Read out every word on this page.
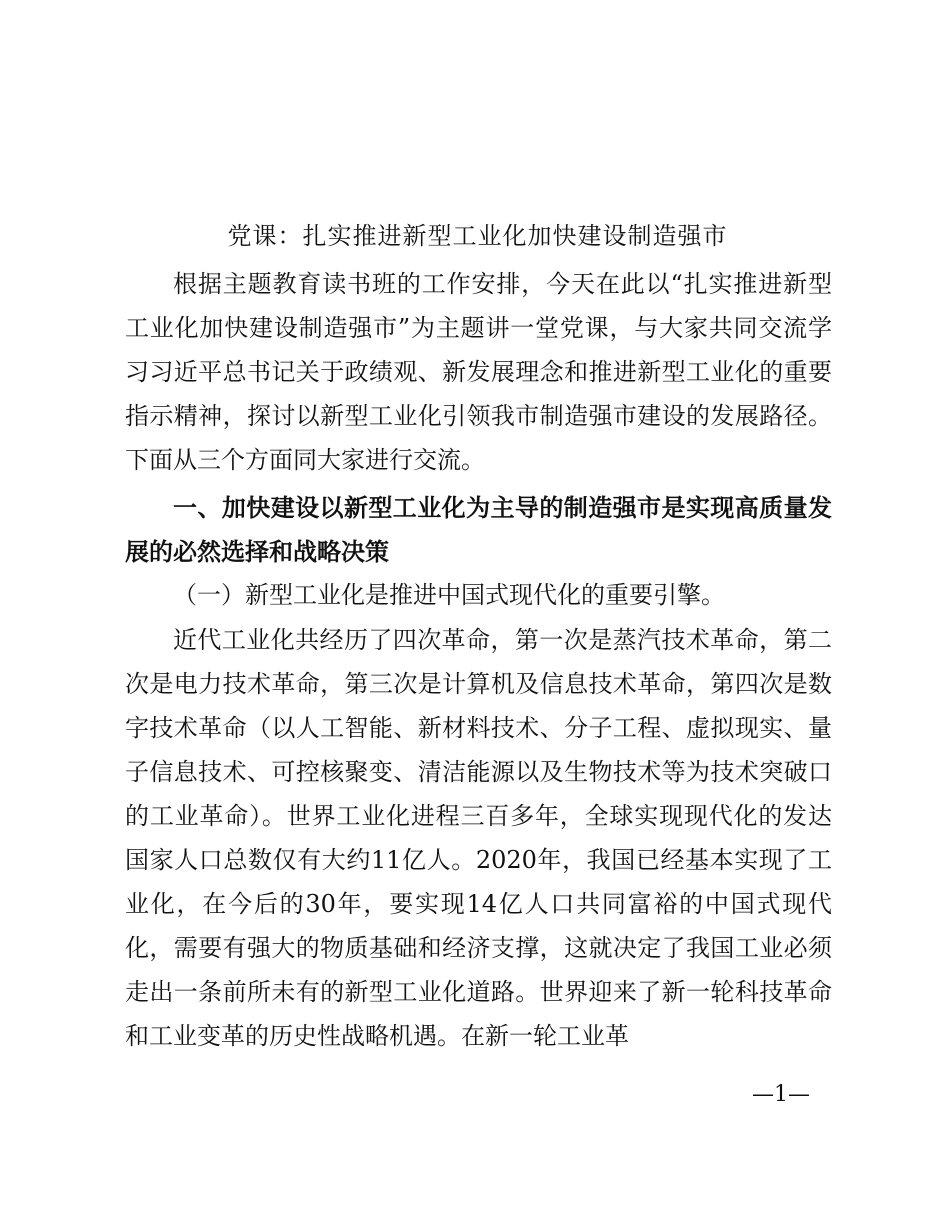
党课：扎实推进新型工业化加快建设制造强市
根据主题教育读书班的工作安排，今天在此以“扎实推进新型工业化加快建设制造强市”为主题讲一堂党课，与大家共同交流学习习近平总书记关于政绩观、新发展理念和推进新型工业化的重要指示精神，探讨以新型工业化引领我市制造强市建设的发展路径。下面从三个方面同大家进行交流。
一、加快建设以新型工业化为主导的制造强市是实现高质量发展的必然选择和战略决策
（一）新型工业化是推进中国式现代化的重要引擎。
近代工业化共经历了四次革命，第一次是蒸汽技术革命，第二次是电力技术革命，第三次是计算机及信息技术革命，第四次是数字技术革命（以人工智能、新材料技术、分子工程、虚拟现实、量子信息技术、可控核聚变、清洁能源以及生物技术等为技术突破口的工业革命）。世界工业化进程三百多年，全球实现现代化的发达国家人口总数仅有大约11亿人。2020年，我国已经基本实现了工业化，在今后的30年，要实现14亿人口共同富裕的中国式现代化，需要有强大的物质基础和经济支撑，这就决定了我国工业必须走出一条前所未有的新型工业化道路。世界迎来了新一轮科技革命和工业变革的历史性战略机遇。在新一轮工业革
—1—
